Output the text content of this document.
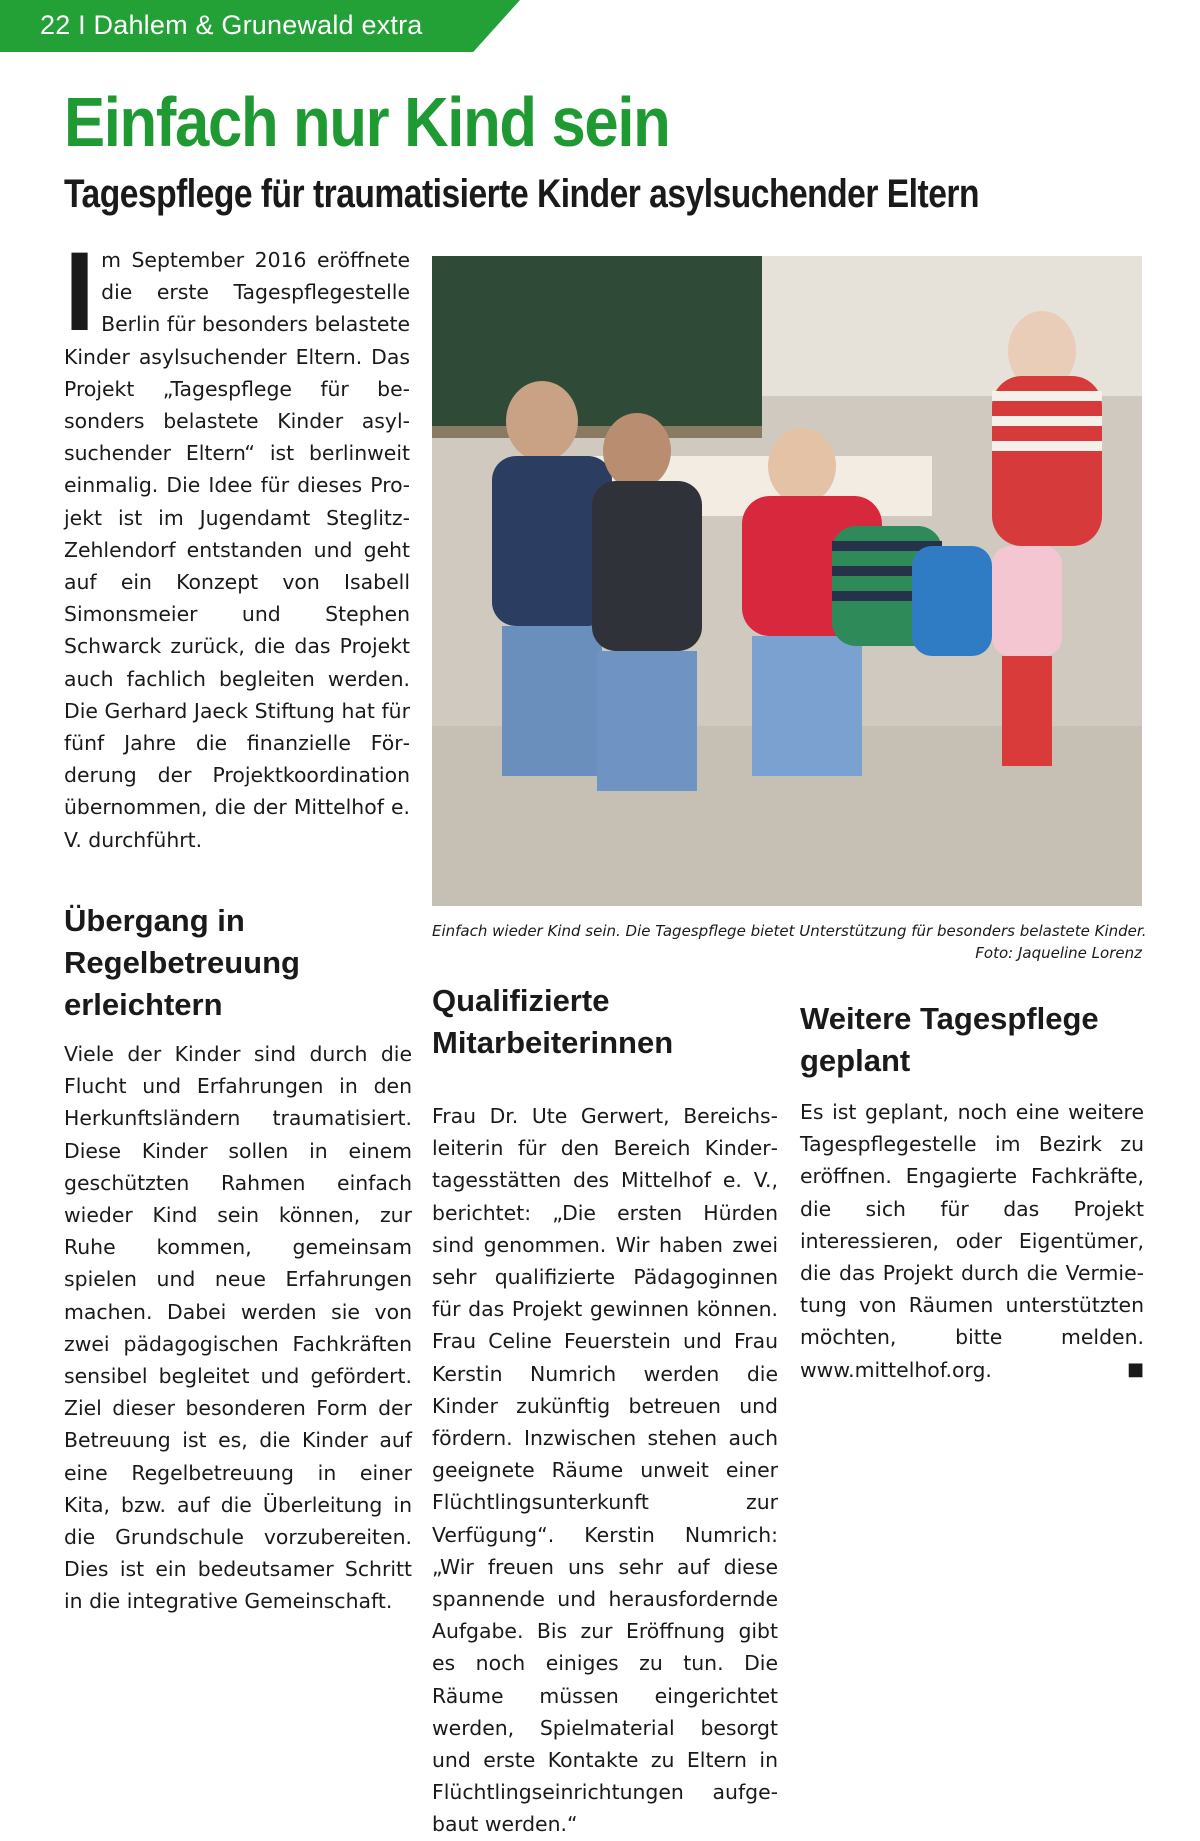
22 I Dahlem & Grunewald extra
Einfach nur Kind sein
Tagespflege für traumatisierte Kinder asylsuchender Eltern
I m September 2016 eröffnete die erste Tagespflegestelle Berlin für besonders belastete Kinder asylsuchender Eltern. Das Projekt „Tagespflege für besonders belastete Kinder asylsuchender Eltern“ ist berlinweit einmalig. Die Idee für dieses Projekt ist im Jugendamt Steglitz-Zehlendorf entstanden und geht auf ein Konzept von Isabell Simonsmeier und Stephen Schwarck zurück, die das Projekt auch fachlich begleiten werden. Die Gerhard Jaeck Stiftung hat für fünf Jahre die finanzielle Förderung der Projektkoordination übernommen, die der Mittelhof e. V. durchführt.

Einfach wieder Kind sein. Die Tagespflege bietet Unterstützung für besonders belastete Kinder.
Foto: Jaqueline Lorenz
Übergang in Regelbetreuung erleichtern

Viele der Kinder sind durch die Flucht und Erfahrungen in den Herkunftsländern traumatisiert. Diese Kinder sollen in einem geschützten Rahmen einfach wieder Kind sein können, zur Ruhe kommen, gemeinsam spielen und neue Erfahrungen machen. Dabei werden sie von zwei pädagogischen Fachkräften sensibel begleitet und gefördert. Ziel dieser besonderen Form der Betreuung ist es, die Kinder auf eine Regelbetreuung in einer Kita, bzw. auf die Überleitung in die Grundschule vorzubereiten. Dies ist ein bedeutsamer Schritt in die integrative Gemeinschaft.

Qualifizierte Mitarbeiterinnen

Frau Dr. Ute Gerwert, Bereichsleiterin für den Bereich Kindertagesstätten des Mittelhof e. V., berichtet: „Die ersten Hürden sind genommen. Wir haben zwei sehr qualifizierte Pädagoginnen für das Projekt gewinnen können. Frau Celine Feuerstein und Frau Kerstin Numrich werden die Kinder zukünftig betreuen und fördern. Inzwischen stehen auch geeignete Räume unweit einer Flüchtlingsunterkunft zur Verfügung“. Kerstin Numrich: „Wir freuen uns sehr auf diese spannende und herausfordernde Aufgabe. Bis zur Eröffnung gibt es noch einiges zu tun. Die Räume müssen eingerichtet werden, Spielmaterial besorgt und erste Kontakte zu Eltern in Flüchtlingseinrichtungen aufgebaut werden.“

Weitere Tagespflege geplant

Es ist geplant, noch eine weitere Tagespflegestelle im Bezirk zu eröffnen. Engagierte Fachkräfte, die sich für das Projekt interessieren, oder Eigentümer, die das Projekt durch die Vermietung von Räumen unterstützten möchten, bitte melden. www.mittelhof.org.	■
